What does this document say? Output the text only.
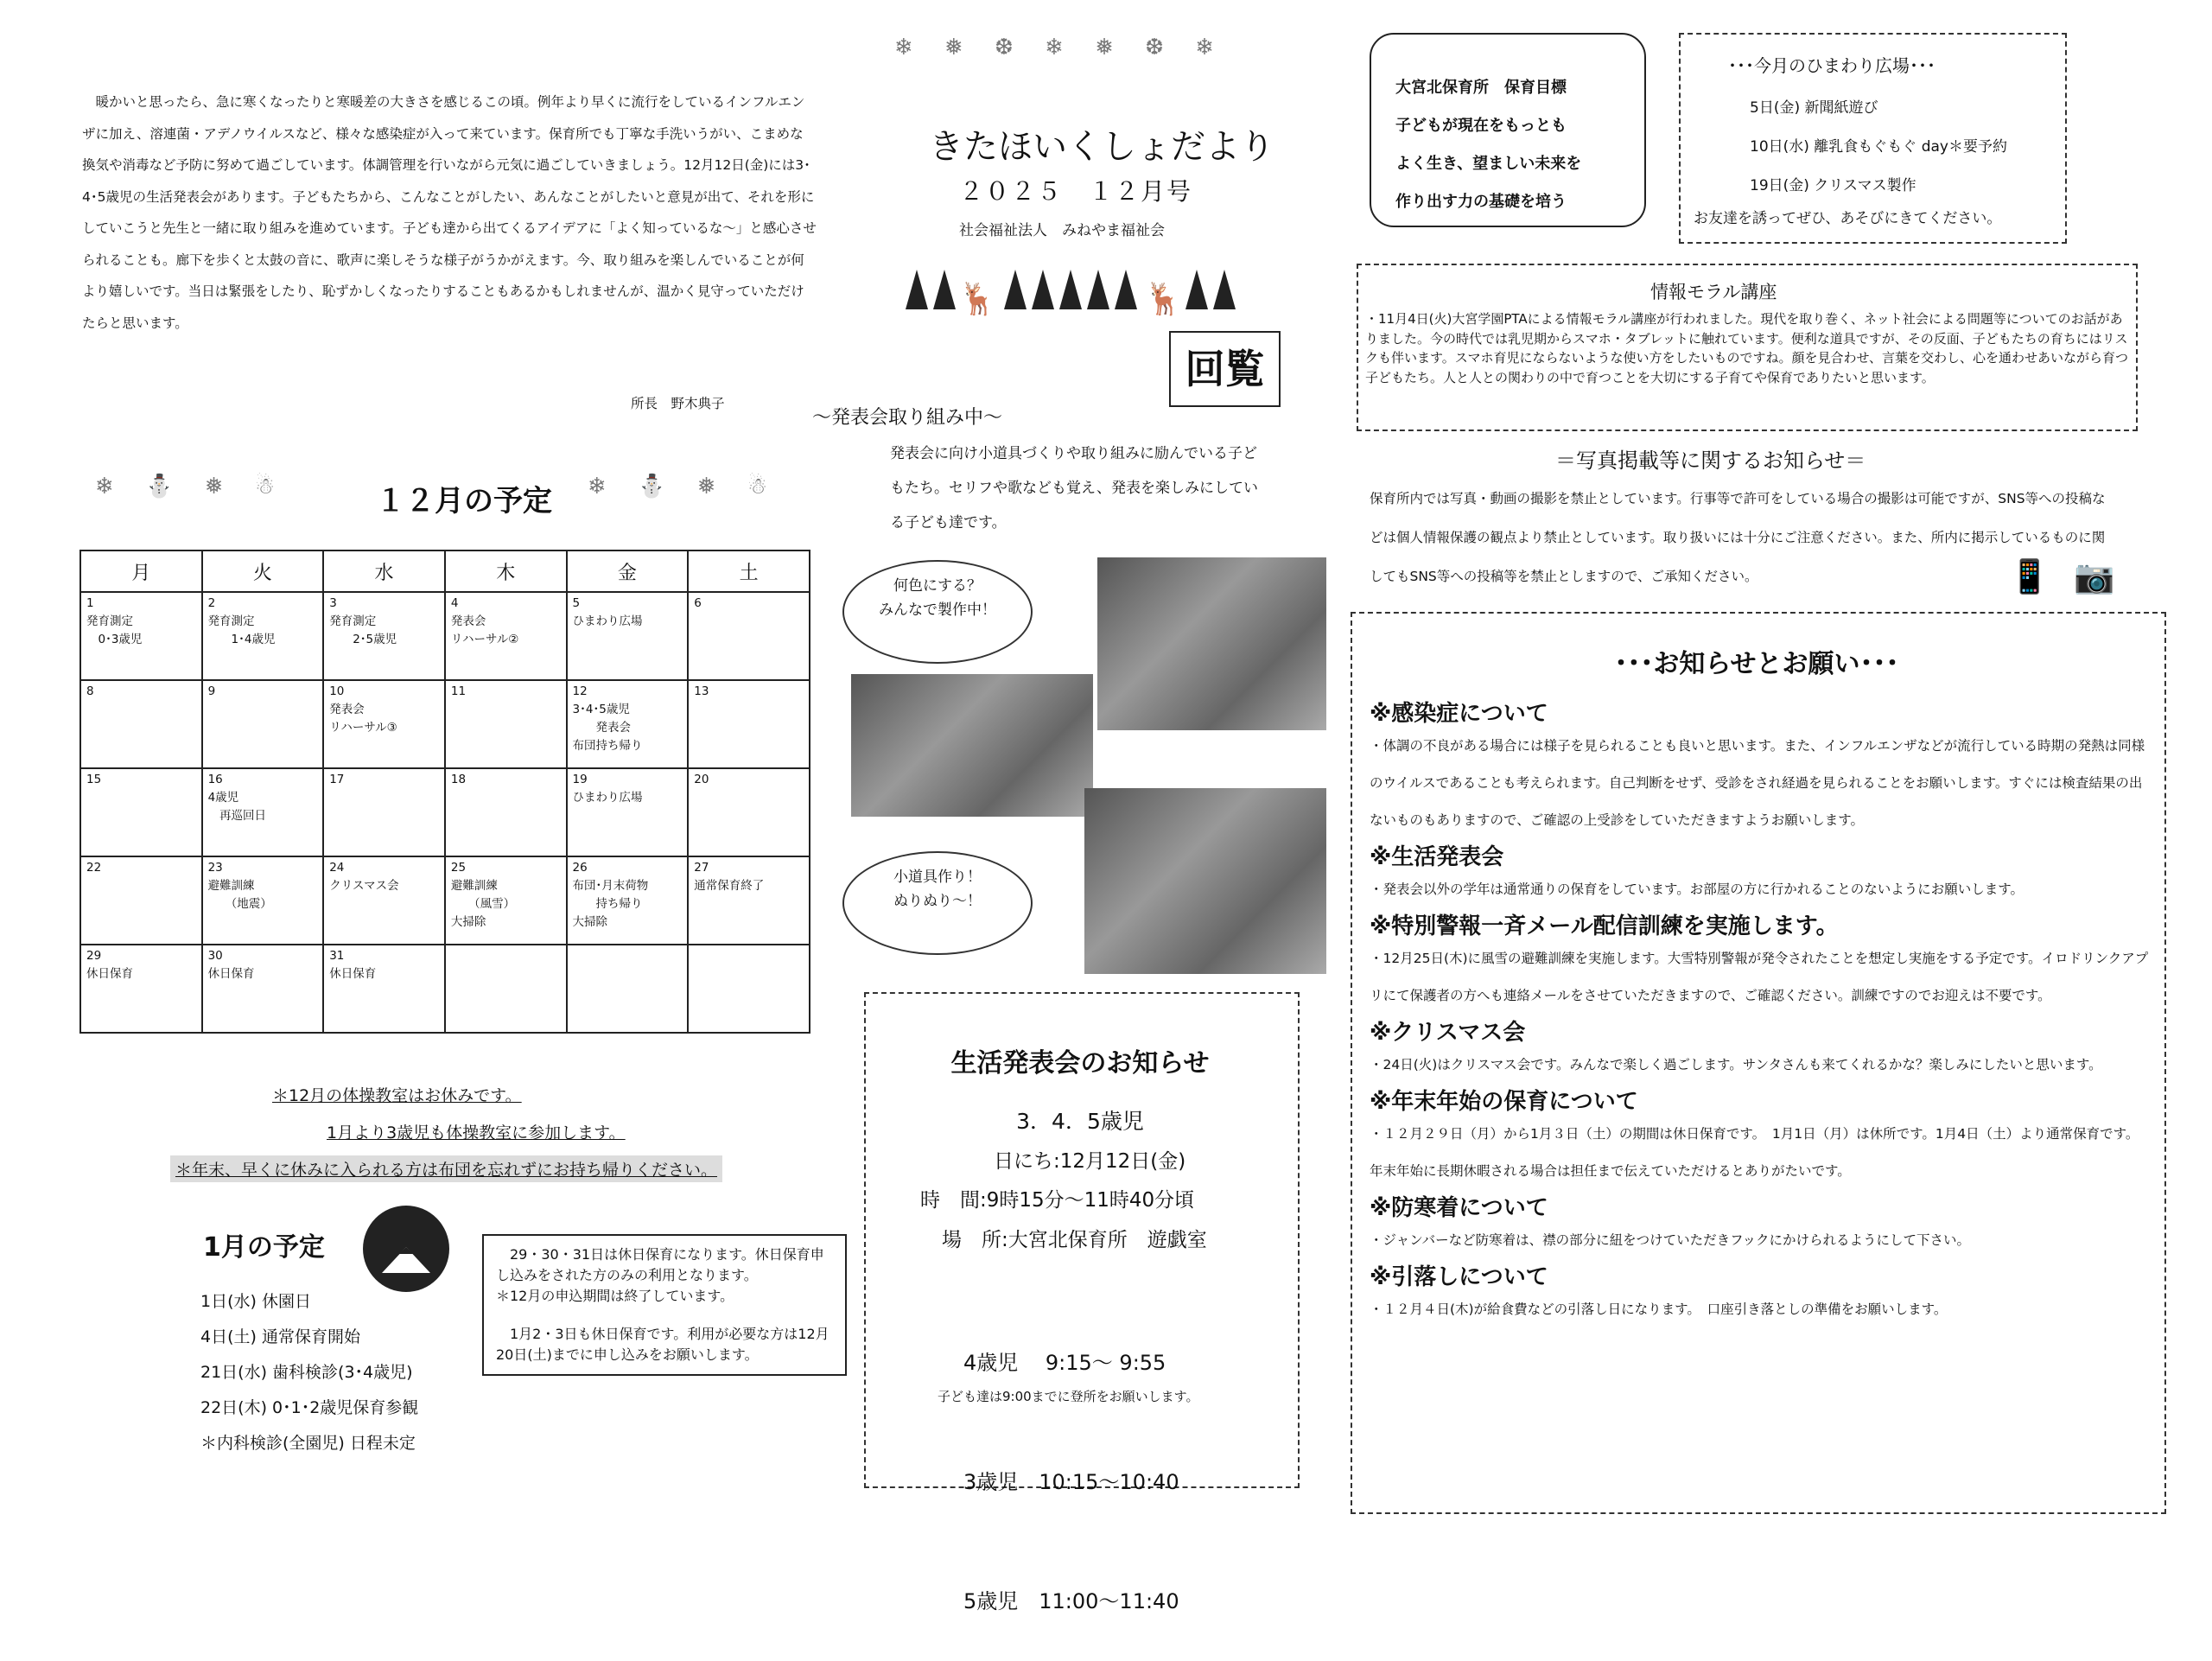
暖かいと思ったら、急に寒くなったりと寒暖差の大きさを感じるこの頃。例年より早くに流行をしているインフルエンザに加え、溶連菌・アデノウイルスなど、様々な感染症が入って来ています。保育所でも丁寧な手洗いうがい、こまめな換気や消毒など予防に努めて過ごしています。体調管理を行いながら元気に過ごしていきましょう。12月12日(金)には3･4･5歳児の生活発表会があります。子どもたちから、こんなことがしたい、あんなことがしたいと意見が出て、それを形にしていこうと先生と一緒に取り組みを進めています。子ども達から出てくるアイデアに「よく知っているな～」と感心させられることも。廊下を歩くと太鼓の音に、歌声に楽しそうな様子がうかがえます。今、取り組みを楽しんでいることが何より嬉しいです。当日は緊張をしたり、恥ずかしくなったりすることもあるかもしれませんが、温かく見守っていただけたらと思います。
所長　野木典子
❄ ⛄ ❅ ☃	１２月の予定 ❄ ⛄ ❅ ☃
月	火	水	木	金	土

1
発育測定
　0･3歳児	2
発育測定
　　1･4歳児	3
発育測定
　　2･5歳児	4
発表会
リハーサル②	5
ひまわり広場	6

8	9	10
発表会
リハーサル③	11	12
3･4･5歳児
　　発表会
布団持ち帰り	13

15	16
4歳児
　再巡回日	17	18	19
ひまわり広場	20

22	23
避難訓練
　　（地震）	24
クリスマス会	25
避難訓練
　　（風雪）
大掃除	26
布団･月末荷物
　　持ち帰り
大掃除	27
通常保育終了

29
休日保育	30
休日保育	31
休日保育			

＊12月の体操教室はお休みです。
1月より3歳児も体操教室に参加します。
＊年末、早くに休みに入られる方は布団を忘れずにお持ち帰りください。
1月の予定
1日(水) 休園日
4日(土) 通常保育開始
21日(水) 歯科検診(3･4歳児)
22日(木) 0･1･2歳児保育参観
＊内科検診(全園児) 日程未定
　29・30・31日は休日保育になります。休日保育申し込みをされた方のみの利用となります。
＊12月の申込期間は終了しています。
　1月2・3日も休日保育です。利用が必要な方は12月20日(土)までに申し込みをお願いします。
❄ ❅ ❆ ❄ ❅ ❆ ❄
きたほいくしょだより
２０２５　１２月号
社会福祉法人　みねやま福祉会
🦌	🦌
回覧
～発表会取り組み中～
発表会に向け小道具づくりや取り組みに励んでいる子どもたち。セリフや歌なども覚え、発表を楽しみにしている子ども達です。
何色にする？
みんなで製作中！
小道具作り！
ぬりぬり～！
生活発表会のお知らせ
3．4．5歳児
日にち:12月12日(金)
時　間:9時15分～11時40分頃
場　所:大宮北保育所　遊戯室

4歳児　 9:15～ 9:55

3歳児　10:15～10:40

5歳児　11:00～11:40

子ども達は9:00までに登所をお願いします。
大宮北保育所　保育目標
子どもが現在をもっとも
よく生き、望ましい未来を
作り出す力の基礎を培う
･･･今月のひまわり広場･･･
5日(金) 新聞紙遊び
10日(水) 離乳食もぐもぐ day＊要予約
19日(金) クリスマス製作
お友達を誘ってぜひ、あそびにきてください。
情報モラル講座
・11月4日(火)大宮学園PTAによる情報モラル講座が行われました。現代を取り巻く、ネット社会による問題等についてのお話がありました。今の時代では乳児期からスマホ・タブレットに触れています。便利な道具ですが、その反面、子どもたちの育ちにはリスクも伴います。スマホ育児にならないような使い方をしたいものですね。顔を見合わせ、言葉を交わし、心を通わせあいながら育つ子どもたち。人と人との関わりの中で育つことを大切にする子育てや保育でありたいと思います。
＝写真掲載等に関するお知らせ＝
保育所内では写真・動画の撮影を禁止としています。行事等で許可をしている場合の撮影は可能ですが、SNS等への投稿などは個人情報保護の観点より禁止としています。取り扱いには十分にご注意ください。また、所内に掲示しているものに関してもSNS等への投稿等を禁止としますので、ご承知ください。	📱 📷
･･･お知らせとお願い･･･
※感染症について
・体調の不良がある場合には様子を見られることも良いと思います。また、インフルエンザなどが流行している時期の発熱は同様のウイルスであることも考えられます。自己判断をせず、受診をされ経過を見られることをお願いします。すぐには検査結果の出ないものもありますので、ご確認の上受診をしていただきますようお願いします。
※生活発表会
・発表会以外の学年は通常通りの保育をしています。お部屋の方に行かれることのないようにお願いします。
※特別警報一斉メール配信訓練を実施します。
・12月25日(木)に風雪の避難訓練を実施します。大雪特別警報が発令されたことを想定し実施をする予定です。イロドリンクアプリにて保護者の方へも連絡メールをさせていただきますので、ご確認ください。訓練ですのでお迎えは不要です。
※クリスマス会
・24日(火)はクリスマス会です。みんなで楽しく過ごします。サンタさんも来てくれるかな？楽しみにしたいと思います。
※年末年始の保育について
・１２月２９日（月）から1月３日（土）の期間は休日保育です。　1月1日（月）は休所です。1月4日（土）より通常保育です。年末年始に長期休暇される場合は担任まで伝えていただけるとありがたいです。
※防寒着について
・ジャンバーなど防寒着は、襟の部分に紐をつけていただきフックにかけられるようにして下さい。
※引落しについて
・１２月４日(木)が給食費などの引落し日になります。　口座引き落としの準備をお願いします。
